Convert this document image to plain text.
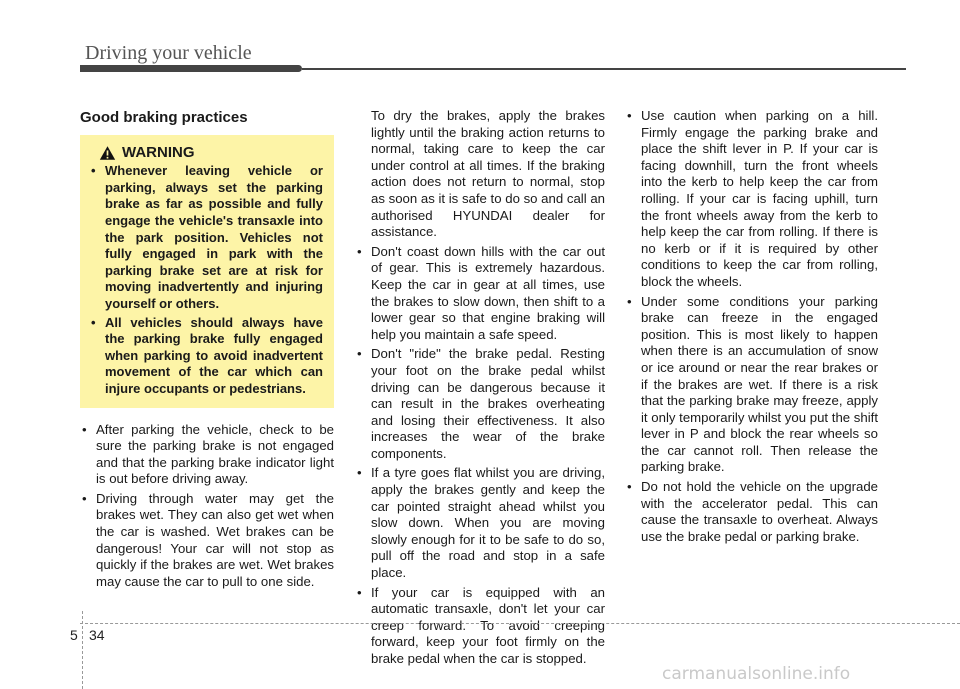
Driving your vehicle
Good braking practices
WARNING
• Whenever leaving vehicle or parking, always set the parking brake as far as possible and fully engage the vehicle's transaxle into the park position. Vehicles not fully engaged in park with the parking brake set are at risk for moving inadvertently and injuring yourself or others.
• All vehicles should always have the parking brake fully engaged when parking to avoid inadvertent movement of the car which can injure occupants or pedestrians.
• After parking the vehicle, check to be sure the parking brake is not engaged and that the parking brake indicator light is out before driving away.
• Driving through water may get the brakes wet. They can also get wet when the car is washed. Wet brakes can be dangerous! Your car will not stop as quickly if the brakes are wet. Wet brakes may cause the car to pull to one side.

To dry the brakes, apply the brakes lightly until the braking action returns to normal, taking care to keep the car under control at all times. If the braking action does not return to normal, stop as soon as it is safe to do so and call an authorised HYUNDAI dealer for assistance.

• Don't coast down hills with the car out of gear. This is extremely hazardous. Keep the car in gear at all times, use the brakes to slow down, then shift to a lower gear so that engine braking will help you maintain a safe speed.
• Don't "ride" the brake pedal. Resting your foot on the brake pedal whilst driving can be dangerous because it can result in the brakes overheating and losing their effectiveness. It also increases the wear of the brake components.
• If a tyre goes flat whilst you are driving, apply the brakes gently and keep the car pointed straight ahead whilst you slow down. When you are moving slowly enough for it to be safe to do so, pull off the road and stop in a safe place.
• If your car is equipped with an automatic transaxle, don't let your car creep forward. To avoid creeping forward, keep your foot firmly on the brake pedal when the car is stopped.
• Use caution when parking on a hill. Firmly engage the parking brake and place the shift lever in P. If your car is facing downhill, turn the front wheels into the kerb to help keep the car from rolling. If your car is facing uphill, turn the front wheels away from the kerb to help keep the car from rolling. If there is no kerb or if it is required by other conditions to keep the car from rolling, block the wheels.
• Under some conditions your parking brake can freeze in the engaged position. This is most likely to happen when there is an accumulation of snow or ice around or near the rear brakes or if the brakes are wet. If there is a risk that the parking brake may freeze, apply it only temporarily whilst you put the shift lever in P and block the rear wheels so the car cannot roll. Then release the parking brake.
• Do not hold the vehicle on the upgrade with the accelerator pedal. This can cause the transaxle to overheat. Always use the brake pedal or parking brake.
5 34
carmanualsonline.info
